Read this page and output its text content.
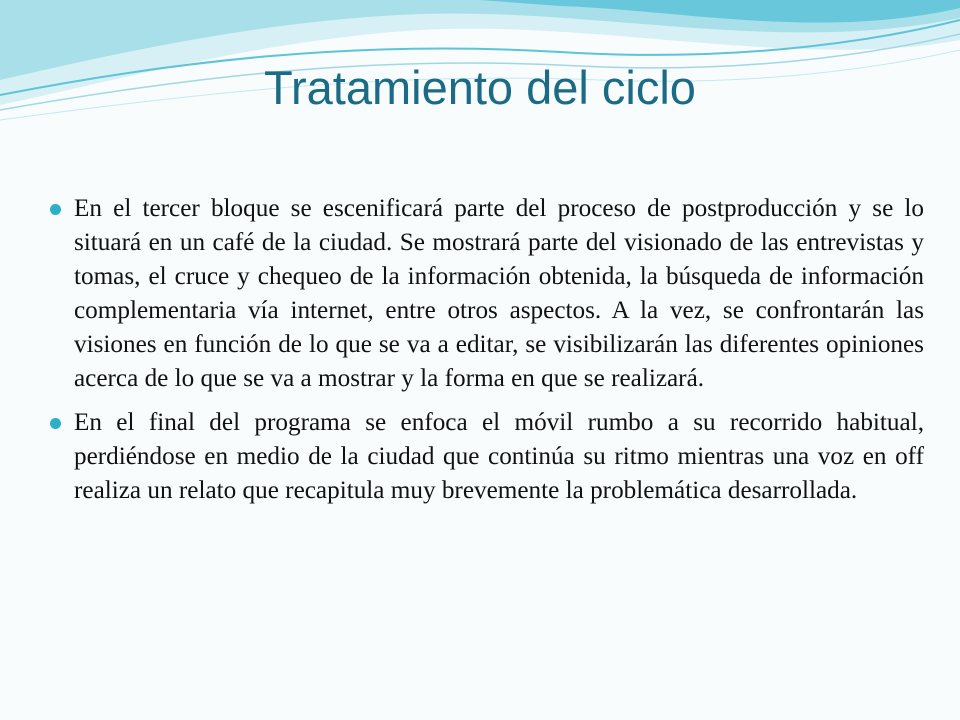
Tratamiento del ciclo

En el tercer bloque se escenificará parte del proceso de postproducción y se lo situará en un café de la ciudad. Se mostrará parte del visionado de las entrevistas y tomas, el cruce y chequeo de la información obtenida, la búsqueda de información complementaria vía internet, entre otros aspectos. A la vez, se confrontarán las visiones en función de lo que se va a editar, se visibilizarán las diferentes opiniones acerca de lo que se va a mostrar y la forma en que se realizará.

En el final del programa se enfoca el móvil rumbo a su recorrido habitual, perdiéndose en medio de la ciudad que continúa su ritmo mientras una voz en off realiza un relato que recapitula muy brevemente la problemática desarrollada.
